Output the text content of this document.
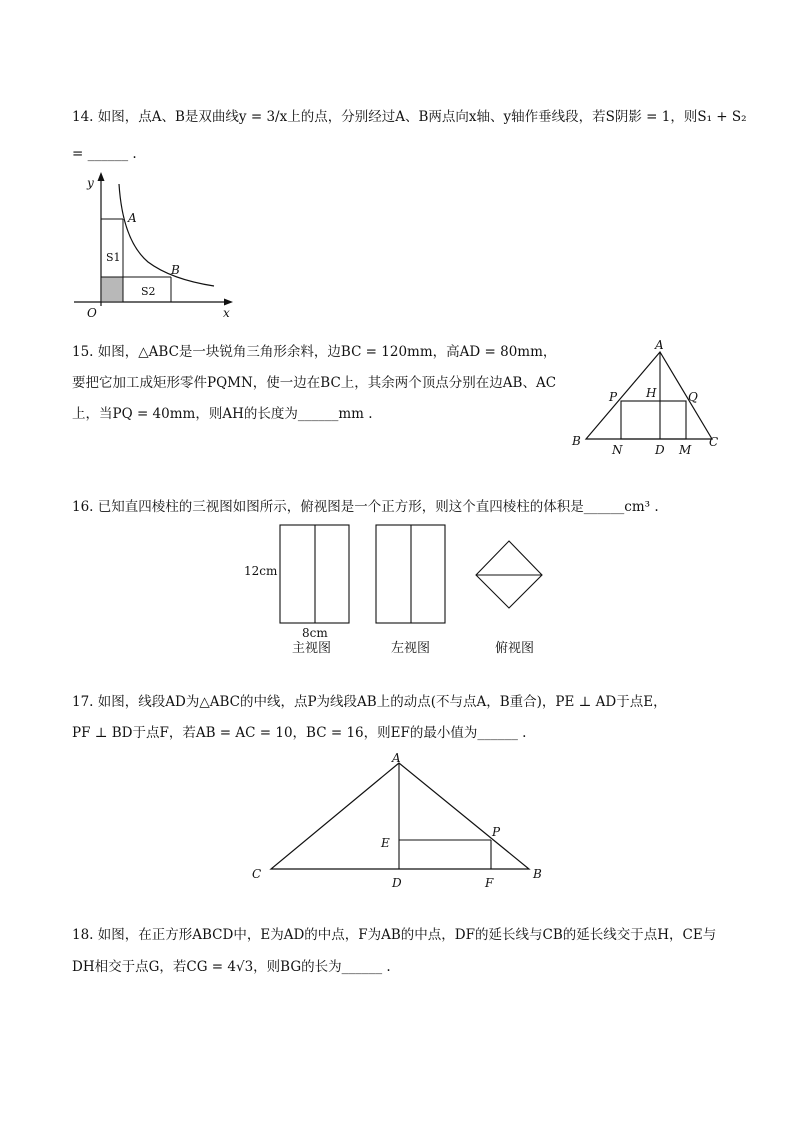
14. 如图，点A、B是双曲线y = 3/x上的点，分别经过A、B两点向x轴、y轴作垂线段，若S阴影 = 1，则S₁ + S₂
= ______ .
y
x
O
A
B
S1
S2
15. 如图，△ABC是一块锐角三角形余料，边BC = 120mm，高AD = 80mm，
要把它加工成矩形零件PQMN，使一边在BC上，其余两个顶点分别在边AB、AC
上，当PQ = 40mm，则AH的长度为______mm .
A
B	C
P	Q
H
N	D M
16. 已知直四棱柱的三视图如图所示，俯视图是一个正方形，则这个直四棱柱的体积是______cm³ .
12cm
8cm
主视图	左视图	俯视图
17. 如图，线段AD为△ABC的中线，点P为线段AB上的动点(不与点A，B重合)，PE ⊥ AD于点E，
PF ⊥ BD于点F，若AB = AC = 10，BC = 16，则EF的最小值为______ .
A
C	B
D
E
F
P
18. 如图，在正方形ABCD中，E为AD的中点，F为AB的中点，DF的延长线与CB的延长线交于点H，CE与
DH相交于点G，若CG = 4√3，则BG的长为______ .
